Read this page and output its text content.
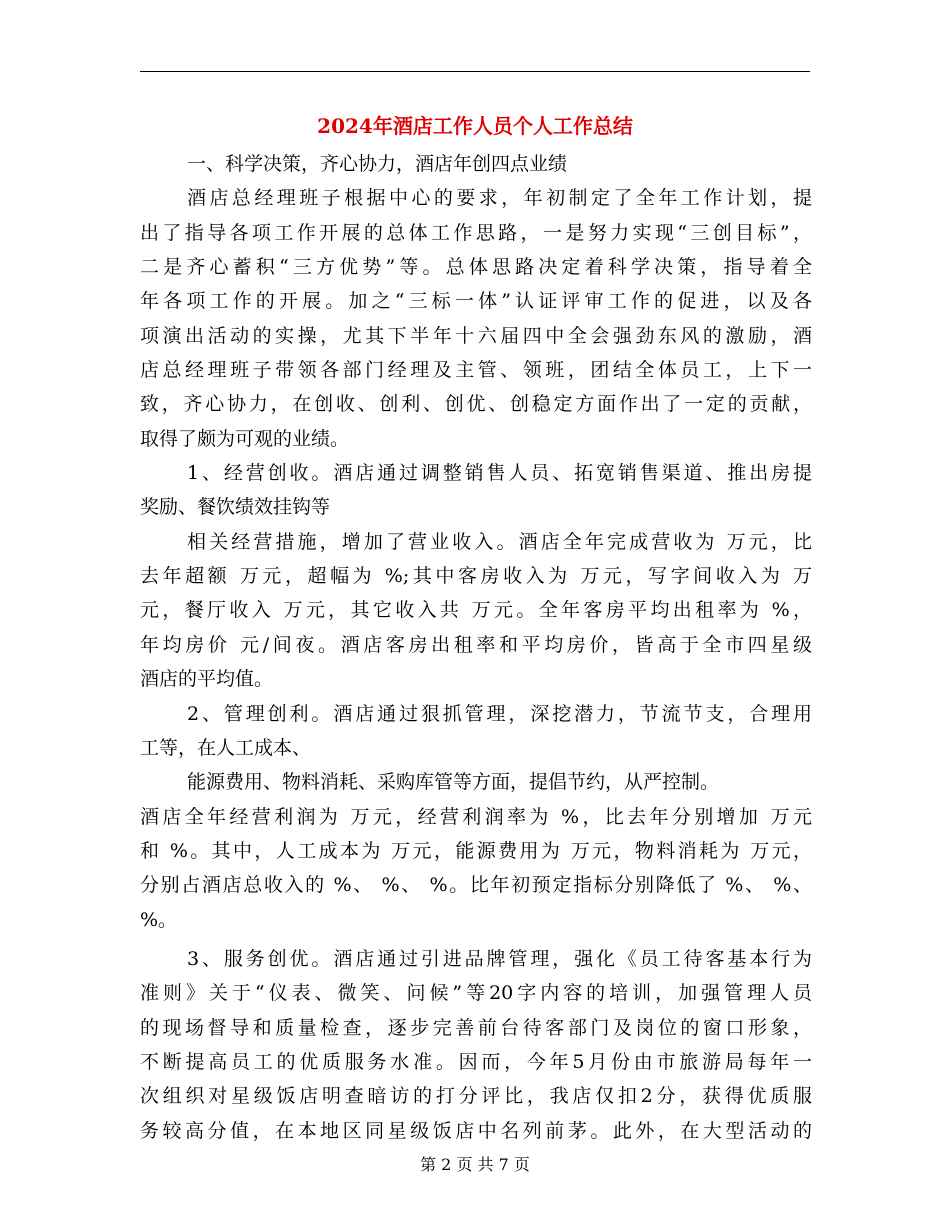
2024年酒店工作人员个人工作总结
一、科学决策，齐心协力，酒店年创四点业绩
酒店总经理班子根据中心的要求，年初制定了全年工作计划，提
出了指导各项工作开展的总体工作思路，一是努力实现“三创目标”，
二是齐心蓄积“三方优势”等。总体思路决定着科学决策，指导着全
年各项工作的开展。加之“三标一体”认证评审工作的促进，以及各
项演出活动的实操，尤其下半年十六届四中全会强劲东风的激励，酒
店总经理班子带领各部门经理及主管、领班，团结全体员工，上下一
致，齐心协力，在创收、创利、创优、创稳定方面作出了一定的贡献，
取得了颇为可观的业绩。
1、经营创收。酒店通过调整销售人员、拓宽销售渠道、推出房提
奖励、餐饮绩效挂钩等
相关经营措施，增加了营业收入。酒店全年完成营收为 万元，比
去年超额 万元，超幅为 %;其中客房收入为 万元，写字间收入为 万
元，餐厅收入 万元，其它收入共 万元。全年客房平均出租率为 %，
年均房价 元/间夜。酒店客房出租率和平均房价，皆高于全市四星级
酒店的平均值。
2、管理创利。酒店通过狠抓管理，深挖潜力，节流节支，合理用
工等，在人工成本、
能源费用、物料消耗、采购库管等方面，提倡节约，从严控制。
酒店全年经营利润为 万元，经营利润率为 %，比去年分别增加 万元
和 %。其中，人工成本为 万元，能源费用为 万元，物料消耗为 万元，
分别占酒店总收入的 %、 %、 %。比年初预定指标分别降低了 %、 %、
%。
3、服务创优。酒店通过引进品牌管理，强化《员工待客基本行为
准则》关于“仪表、微笑、问候”等20字内容的培训，加强管理人员
的现场督导和质量检查，逐步完善前台待客部门及岗位的窗口形象，
不断提高员工的优质服务水准。因而，今年5月份由市旅游局每年一
次组织对星级饭店明查暗访的打分评比，我店仅扣2分，获得优质服
务较高分值，在本地区同星级饭店中名列前茅。此外，在大型活动的
第 2 页 共 7 页
